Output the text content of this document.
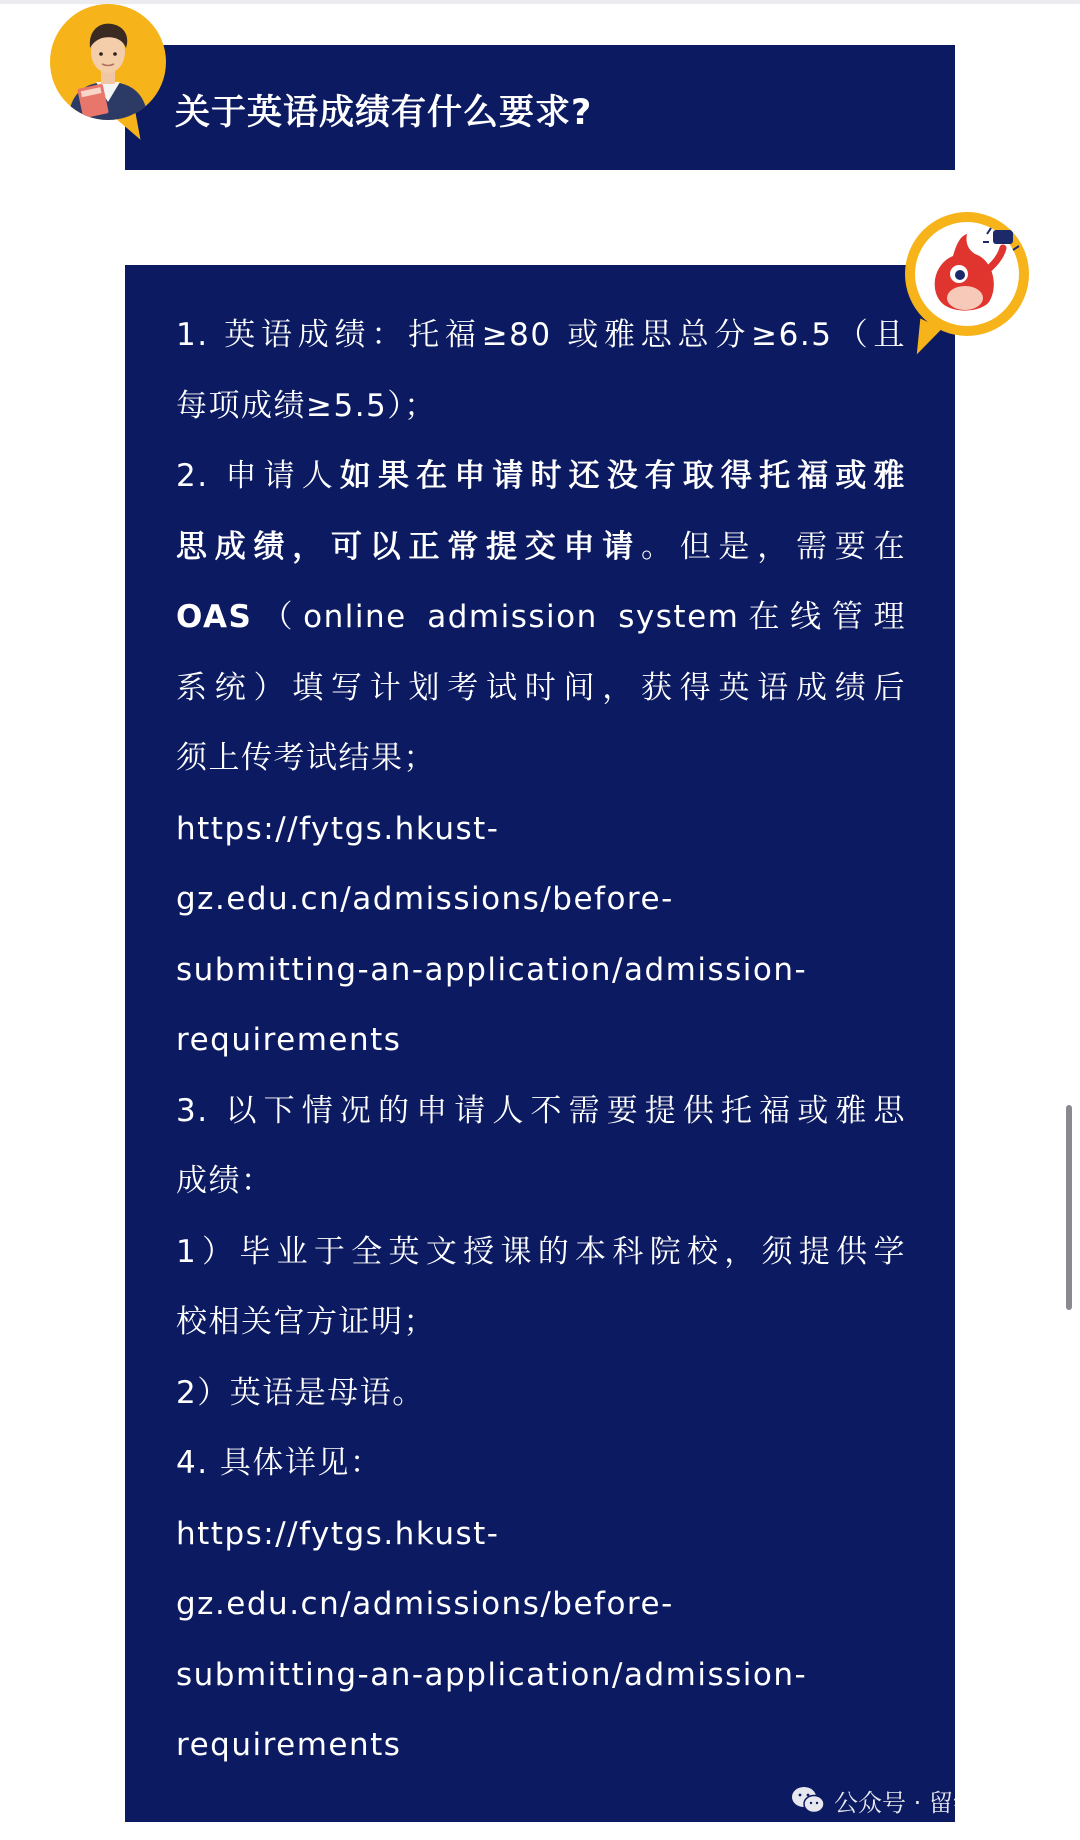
关于英语成绩有什么要求?
1. 英语成绩：托福≥80 或雅思总分≥6.5（且
每项成绩≥5.5）；
2. 申请人如果在申请时还没有取得托福或雅
思成绩，可以正常提交申请。但是，需要在
OAS（online admission system在线管理
系统）填写计划考试时间，获得英语成绩后
须上传考试结果；
https://fytgs.hkust-
gz.edu.cn/admissions/before-
submitting-an-application/admission-
requirements
3. 以下情况的申请人不需要提供托福或雅思
成绩：
1）毕业于全英文授课的本科院校，须提供学
校相关官方证明；
2）英语是母语。
4. 具体详见：
https://fytgs.hkust-
gz.edu.cn/admissions/before-
submitting-an-application/admission-
requirements
公众号 · 留学荟
